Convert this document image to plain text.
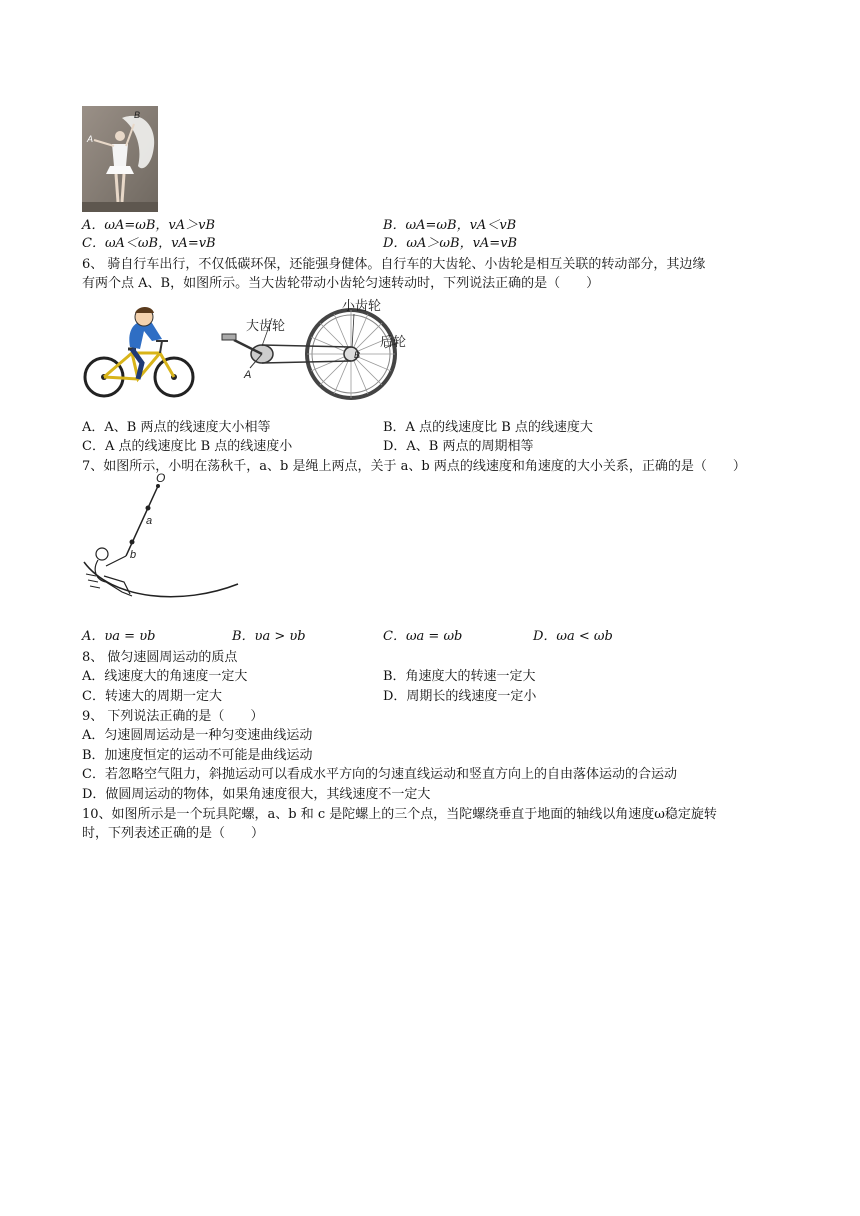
A
B
A．ωA=ωB，vA＞vB	B．ωA=ωB，vA＜vB
C．ωA＜ωB，vA=vB	D．ωA＞ωB，vA=vB
6、 骑自行车出行，不仅低碳环保，还能强身健体。自行车的大齿轮、小齿轮是相互关联的转动部分，其边缘
有两个点 A、B，如图所示。当大齿轮带动小齿轮匀速转动时，下列说法正确的是（　　）
大齿轮
小齿轮
后轮
A
B
A．A、B 两点的线速度大小相等	B．A 点的线速度比 B 点的线速度大
C．A 点的线速度比 B 点的线速度小	D．A、B 两点的周期相等
7、如图所示，小明在荡秋千，a、b 是绳上两点，关于 a、b 两点的线速度和角速度的大小关系，正确的是（　　）
O
a
b
A．υa = υb	B．υa > υb	C．ωa = ωb	D．ωa < ωb
8、 做匀速圆周运动的质点
A．线速度大的角速度一定大	B．角速度大的转速一定大
C．转速大的周期一定大	D．周期长的线速度一定小
9、 下列说法正确的是（　　）
A．匀速圆周运动是一种匀变速曲线运动
B．加速度恒定的运动不可能是曲线运动
C．若忽略空气阻力，斜抛运动可以看成水平方向的匀速直线运动和竖直方向上的自由落体运动的合运动
D．做圆周运动的物体，如果角速度很大，其线速度不一定大
10、如图所示是一个玩具陀螺，a、b 和 c 是陀螺上的三个点，当陀螺绕垂直于地面的轴线以角速度ω稳定旋转
时，下列表述正确的是（　　）
